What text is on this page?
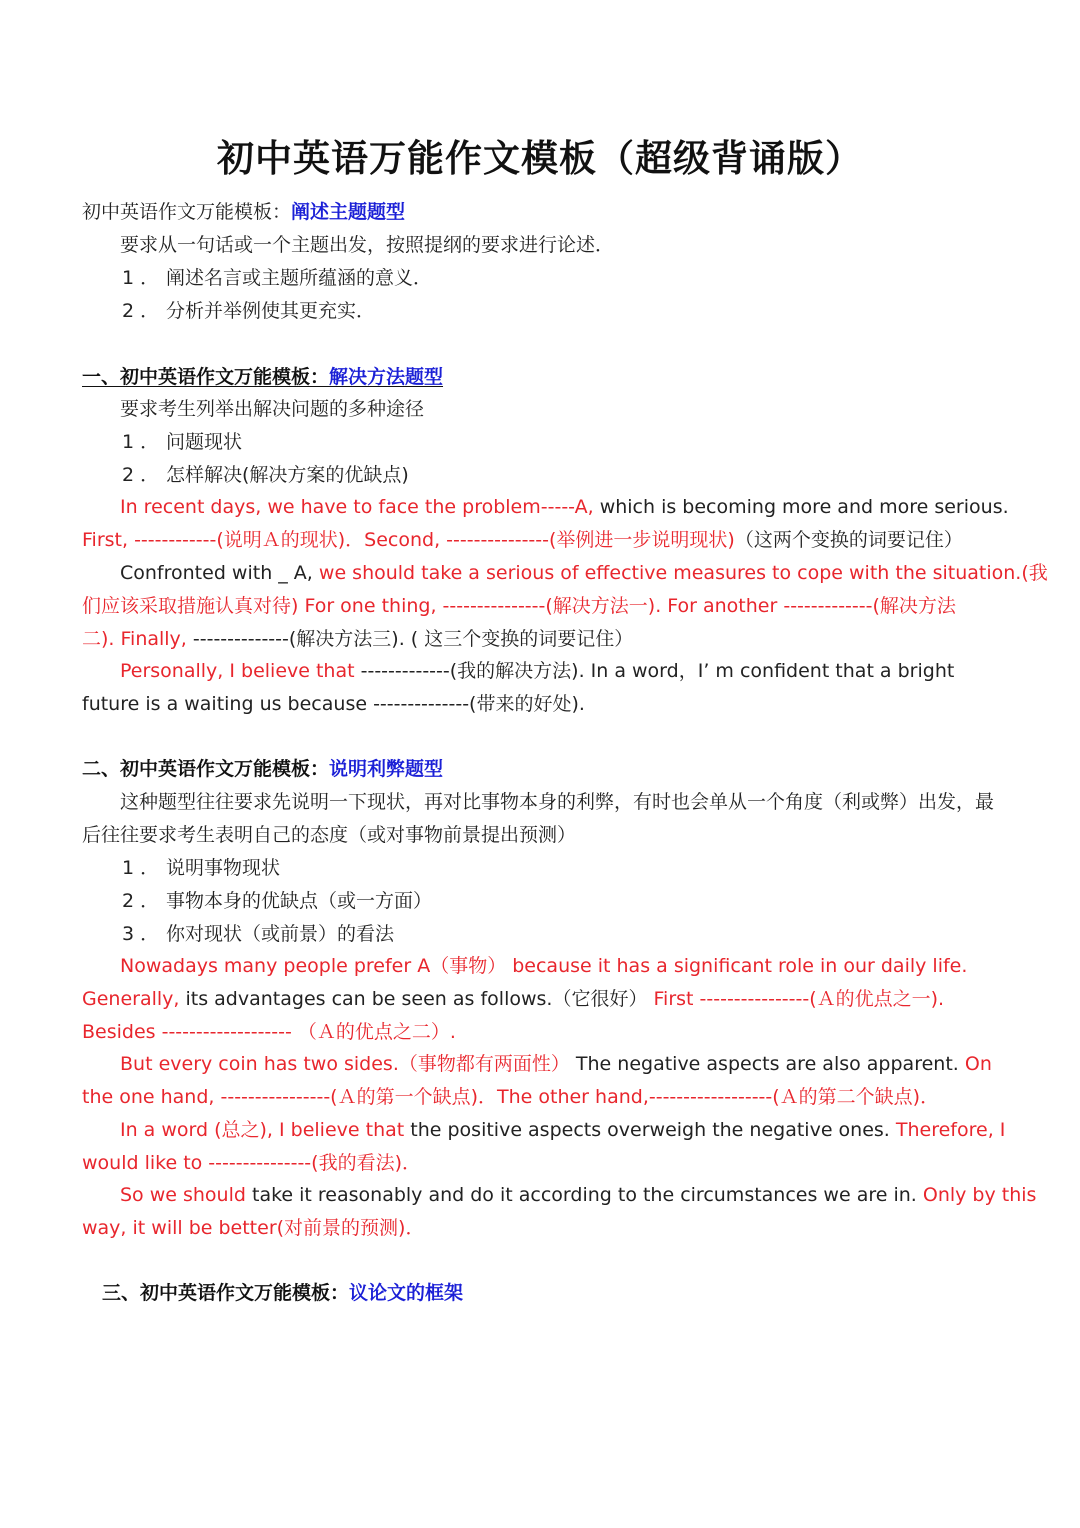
初中英语万能作文模板（超级背诵版）
初中英语作文万能模板：阐述主题题型
要求从一句话或一个主题出发，按照提纲的要求进行论述．
1 ． 阐述名言或主题所蕴涵的意义．
2 ． 分析并举例使其更充实．
一、初中英语作文万能模板：解决方法题型
要求考生列举出解决问题的多种途径
1 ． 问题现状
2 ． 怎样解决(解决方案的优缺点)
In recent days, we have to face the problem-----A, which is becoming more and more serious.
First, ------------(说明Ａ的现状)．Second, ---------------(举例进一步说明现状)（这两个变换的词要记住）
Confronted with _ A, we should take a serious of effective measures to cope with the situation.(我
们应该采取措施认真对待) For one thing, ---------------(解决方法一). For another -------------(解决方法
二). Finally, --------------(解决方法三). ( 这三个变换的词要记住）
Personally, I believe that -------------(我的解决方法). In a word，I’ m confident that a bright
future is a waiting us because --------------(带来的好处).
二、初中英语作文万能模板：说明利弊题型
这种题型往往要求先说明一下现状，再对比事物本身的利弊，有时也会单从一个角度（利或弊）出发，最
后往往要求考生表明自己的态度（或对事物前景提出预测）
1 ． 说明事物现状
2 ． 事物本身的优缺点（或一方面）
3 ． 你对现状（或前景）的看法
Nowadays many people prefer A（事物） because it has a significant role in our daily life.
Generally, its advantages can be seen as follows.（它很好） First ----------------(Ａ的优点之一).
Besides ------------------- （Ａ的优点之二）.
But every coin has two sides.（事物都有两面性） The negative aspects are also apparent. On
the one hand, ----------------(Ａ的第一个缺点)．The other hand,------------------(Ａ的第二个缺点)．
In a word (总之), I believe that the positive aspects overweigh the negative ones. Therefore, I
would like to ---------------(我的看法)．
So we should take it reasonably and do it according to the circumstances we are in. Only by this
way, it will be better(对前景的预测)．
三、初中英语作文万能模板：议论文的框架
